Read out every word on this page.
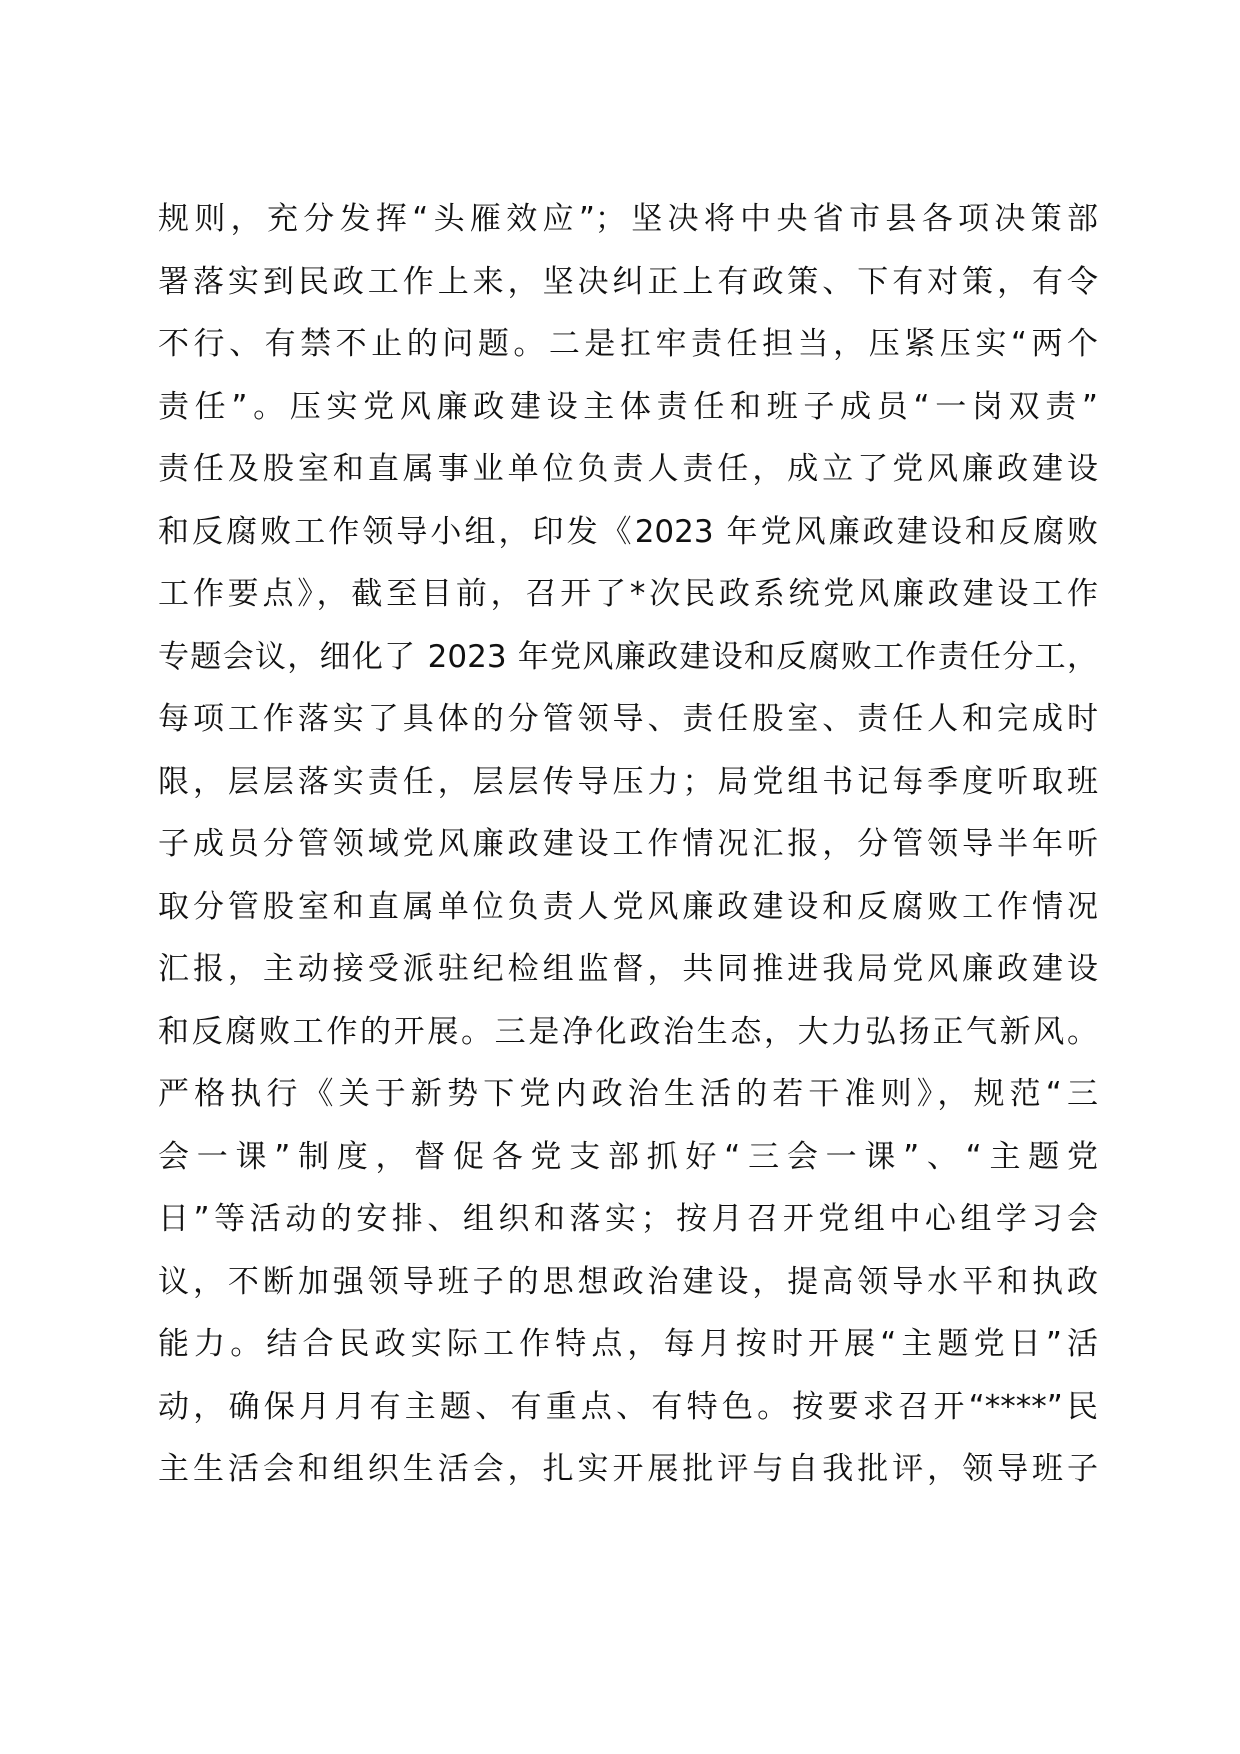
规则，充分发挥“头雁效应”；坚决将中央省市县各项决策部
署落实到民政工作上来，坚决纠正上有政策、下有对策，有令
不行、有禁不止的问题。二是扛牢责任担当，压紧压实“两个
责任”。压实党风廉政建设主体责任和班子成员“一岗双责”
责任及股室和直属事业单位负责人责任，成立了党风廉政建设
和反腐败工作领导小组，印发《2023 年党风廉政建设和反腐败
工作要点》，截至目前，召开了*次民政系统党风廉政建设工作
专题会议，细化了 2023 年党风廉政建设和反腐败工作责任分工，
每项工作落实了具体的分管领导、责任股室、责任人和完成时
限，层层落实责任，层层传导压力；局党组书记每季度听取班
子成员分管领域党风廉政建设工作情况汇报，分管领导半年听
取分管股室和直属单位负责人党风廉政建设和反腐败工作情况
汇报，主动接受派驻纪检组监督，共同推进我局党风廉政建设
和反腐败工作的开展。三是净化政治生态，大力弘扬正气新风。
严格执行《关于新势下党内政治生活的若干准则》，规范“三
会一课”制度，督促各党支部抓好“三会一课”、“主题党
日”等活动的安排、组织和落实；按月召开党组中心组学习会
议，不断加强领导班子的思想政治建设，提高领导水平和执政
能力。结合民政实际工作特点，每月按时开展“主题党日”活
动，确保月月有主题、有重点、有特色。按要求召开“****”民
主生活会和组织生活会，扎实开展批评与自我批评，领导班子
